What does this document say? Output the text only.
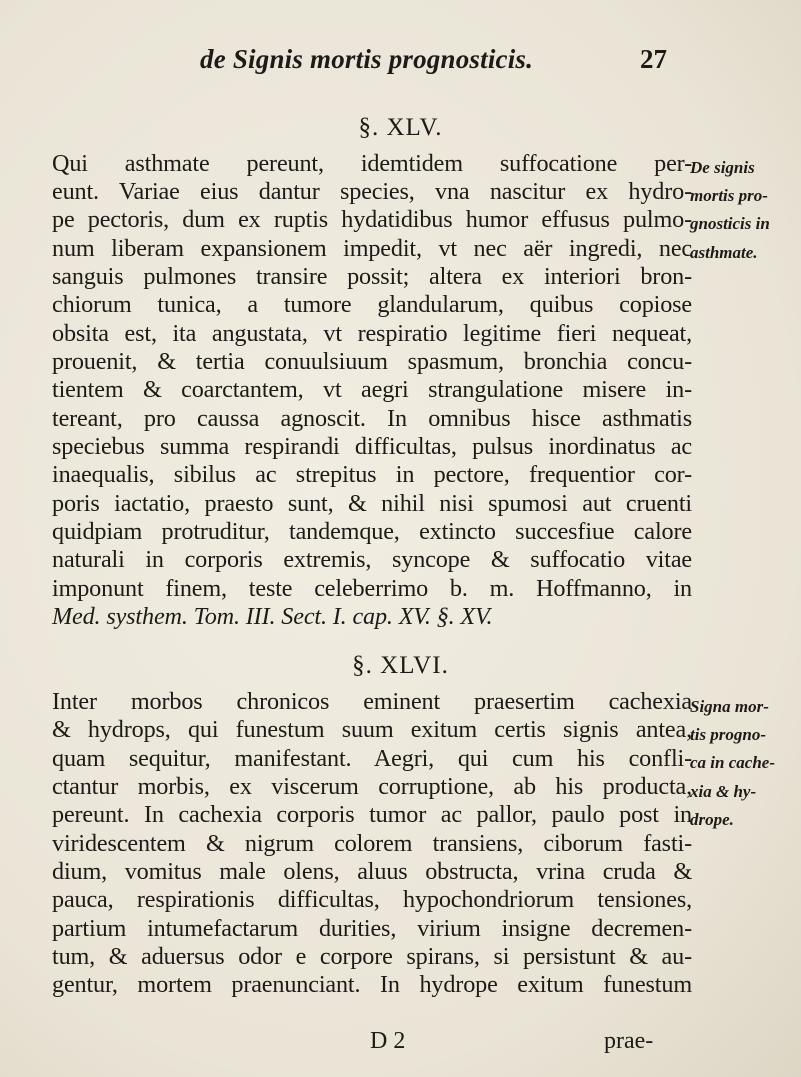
de Signis mortis prognosticis.	27
§. XLV.
Qui asthmate pereunt, idemtidem suffocatione per-
eunt. Variae eius dantur species, vna nascitur ex hydro-
pe pectoris, dum ex ruptis hydatidibus humor effusus pulmo-
num liberam expansionem impedit, vt nec aër ingredi, nec
sanguis pulmones transire possit; altera ex interiori bron-
chiorum tunica, a tumore glandularum, quibus copiose
obsita est, ita angustata, vt respiratio legitime fieri nequeat,
prouenit, & tertia conuulsiuum spasmum, bronchia concu-
tientem & coarctantem, vt aegri strangulatione misere in-
tereant, pro caussa agnoscit. In omnibus hisce asthmatis
speciebus summa respirandi difficultas, pulsus inordinatus ac
inaequalis, sibilus ac strepitus in pectore, frequentior cor-
poris iactatio, praesto sunt, & nihil nisi spumosi aut cruenti
quidpiam protruditur, tandemque, extincto succesfiue calore
naturali in corporis extremis, syncope & suffocatio vitae
imponunt finem, teste celeberrimo b. m. Hoffmanno, in
Med. systhem. Tom. III. Sect. I. cap. XV. §. XV.
De signis
mortis pro-
gnosticis in
asthmate.
§. XLVI.
Inter morbos chronicos eminent praesertim cachexia
& hydrops, qui funestum suum exitum certis signis antea,
quam sequitur, manifestant. Aegri, qui cum his confli-
ctantur morbis, ex viscerum corruptione, ab his producta,
pereunt. In cachexia corporis tumor ac pallor, paulo post in
viridescentem & nigrum colorem transiens, ciborum fasti-
dium, vomitus male olens, aluus obstructa, vrina cruda &
pauca, respirationis difficultas, hypochondriorum tensiones,
partium intumefactarum durities, virium insigne decremen-
tum, & aduersus odor e corpore spirans, si persistunt & au-
gentur, mortem praenunciant. In hydrope exitum funestum
Signa mor-
tis progno-
ca in cache-
xia & hy-
drope.
D 2	prae-
